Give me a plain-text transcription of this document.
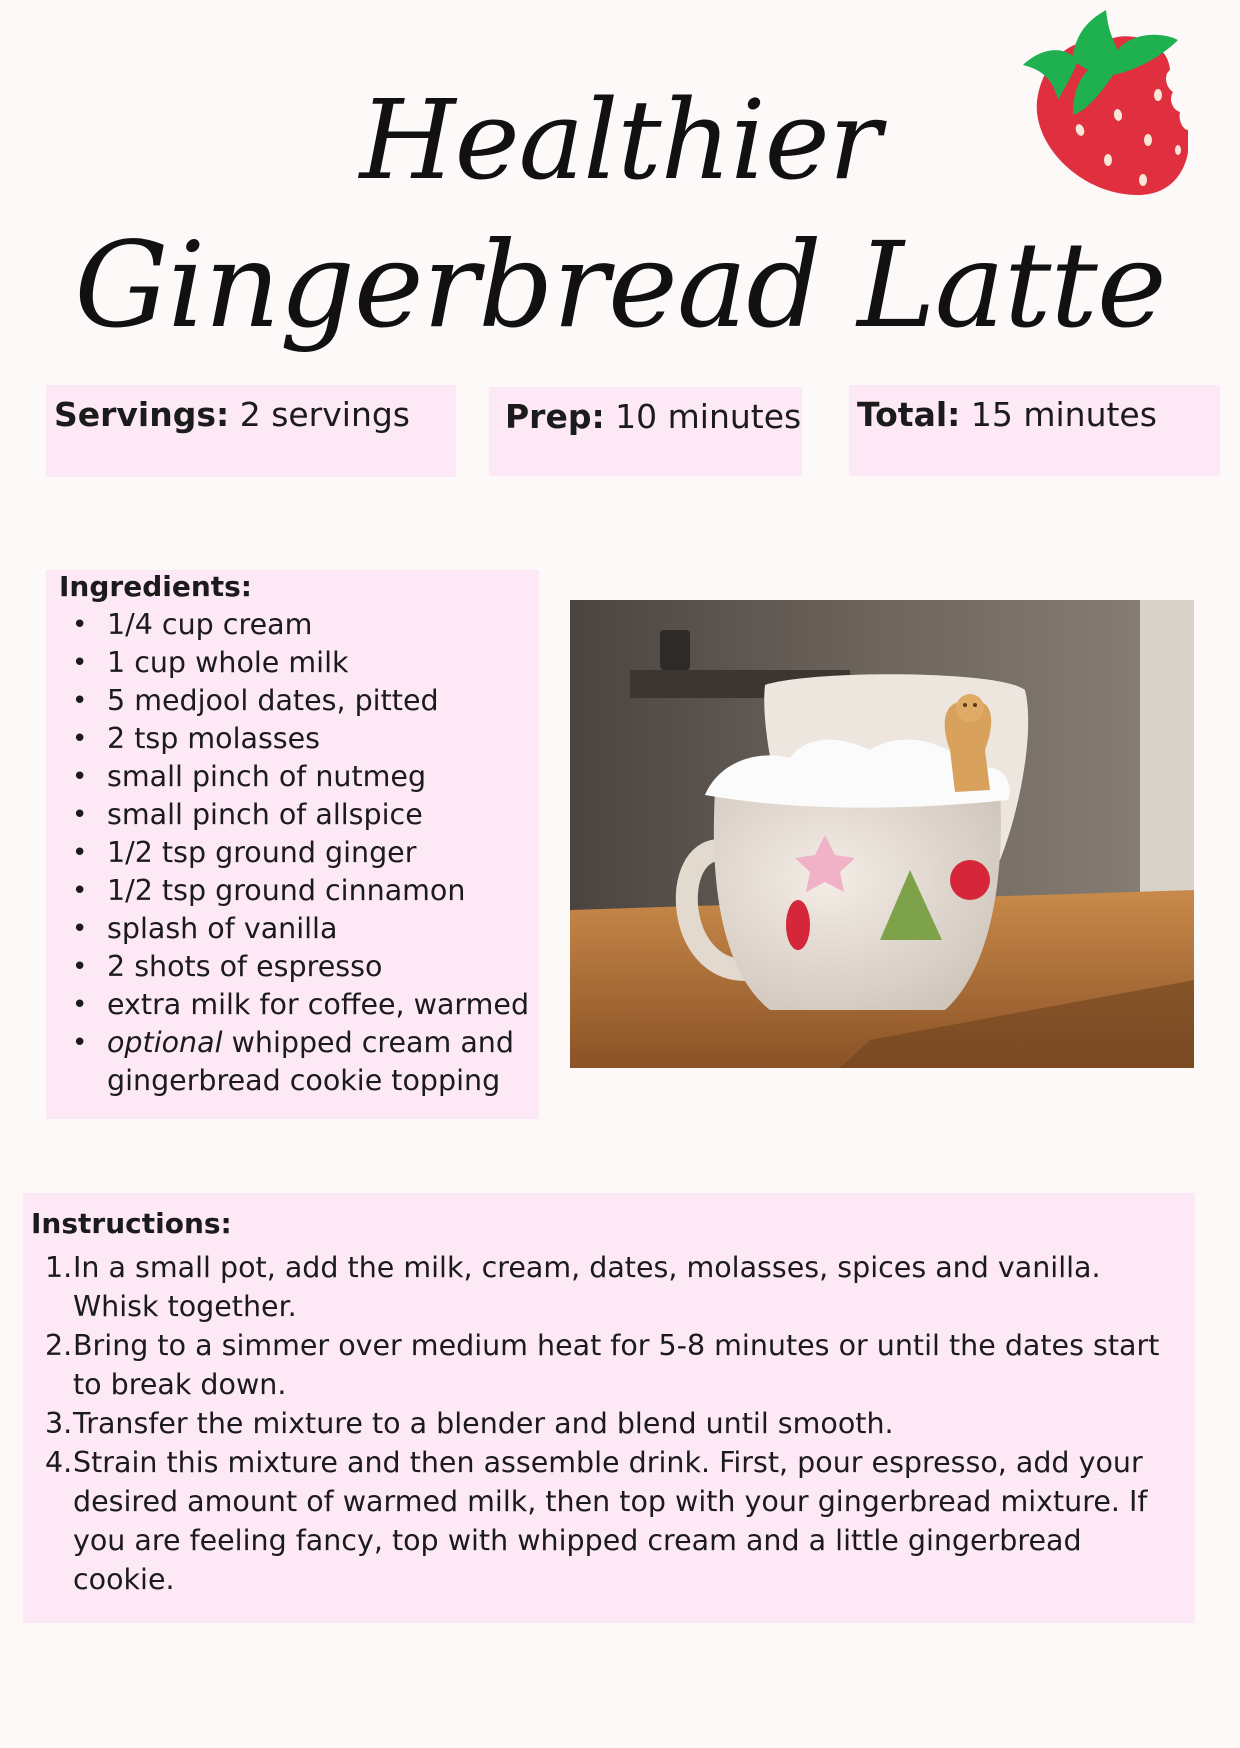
Healthier
Gingerbread Latte
Servings: 2 servings	Prep: 10 minutes Total: 15 minutes
Ingredients:
• 1/4 cup cream
• 1 cup whole milk
• 5 medjool dates, pitted
• 2 tsp molasses
• small pinch of nutmeg
• small pinch of allspice
• 1/2 tsp ground ginger
• 1/2 tsp ground cinnamon
• splash of vanilla
• 2 shots of espresso
• extra milk for coffee, warmed
• optional whipped cream and gingerbread cookie topping
Instructions:
1. In a small pot, add the milk, cream, dates, molasses, spices and vanilla. Whisk together.
2. Bring to a simmer over medium heat for 5-8 minutes or until the dates start to break down.
3. Transfer the mixture to a blender and blend until smooth.
4. Strain this mixture and then assemble drink. First, pour espresso, add your desired amount of warmed milk, then top with your gingerbread mixture. If you are feeling fancy, top with whipped cream and a little gingerbread cookie.
